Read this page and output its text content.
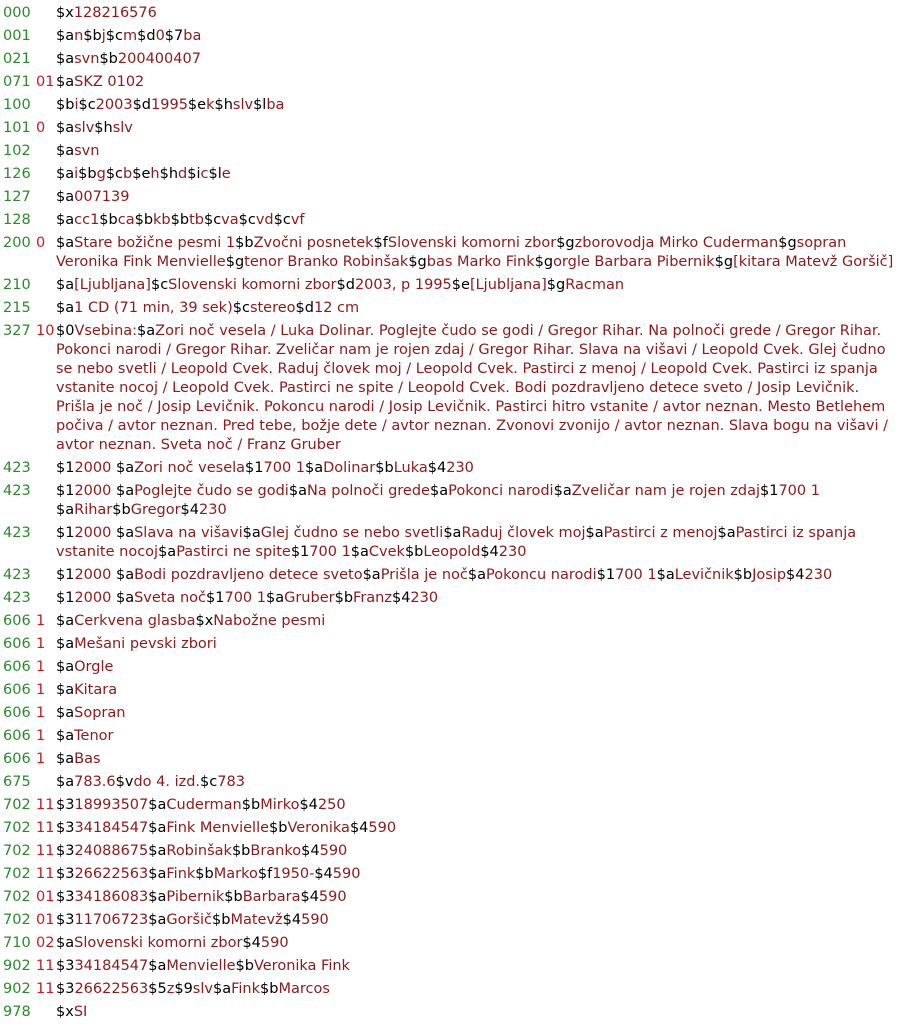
000	$x128216576
001	$an$bj$cm$d0$7ba
021	$asvn$b200400407
071 01 $aSKZ 0102
100	$bi$c2003$d1995$ek$hslv$lba
101 0 $aslv$hslv
102	$asvn
126	$ai$bg$cb$eh$hd$ic$le
127	$a007139
128	$acc1$bca$bkb$btb$cva$cvd$cvf
200 0 $aStare božične pesmi 1$bZvočni posnetek$fSlovenski komorni zbor$gzborovodja Mirko Cuderman$gsopran Veronika Fink Menvielle$gtenor Branko Robinšak$gbas Marko Fink$gorgle Barbara Pibernik$g[kitara Matevž Goršič]
210	$a[Ljubljana]$cSlovenski komorni zbor$d2003, p 1995$e[Ljubljana]$gRacman
215	$a1 CD (71 min, 39 sek)$cstereo$d12 cm
327 10 $0Vsebina:$aZori noč vesela / Luka Dolinar. Poglejte čudo se godi / Gregor Rihar. Na polnoči grede / Gregor Rihar. Pokonci narodi / Gregor Rihar. Zveličar nam je rojen zdaj / Gregor Rihar. Slava na višavi / Leopold Cvek. Glej čudno se nebo svetli / Leopold Cvek. Raduj človek moj / Leopold Cvek. Pastirci z menoj / Leopold Cvek. Pastirci iz spanja vstanite nocoj / Leopold Cvek. Pastirci ne spite / Leopold Cvek. Bodi pozdravljeno detece sveto / Josip Levičnik. Prišla je noč / Josip Levičnik. Pokoncu narodi / Josip Levičnik. Pastirci hitro vstanite / avtor neznan. Mesto Betlehem počiva / avtor neznan. Pred tebe, božje dete / avtor neznan. Zvonovi zvonijo / avtor neznan. Slava bogu na višavi / avtor neznan. Sveta noč / Franz Gruber
423	$12000 $aZori noč vesela$1700 1$aDolinar$bLuka$4230
423	$12000 $aPoglejte čudo se godi$aNa polnoči grede$aPokonci narodi$aZveličar nam je rojen zdaj$1700 1 $aRihar$bGregor$4230
423	$12000 $aSlava na višavi$aGlej čudno se nebo svetli$aRaduj človek moj$aPastirci z menoj$aPastirci iz spanja vstanite nocoj$aPastirci ne spite$1700 1$aCvek$bLeopold$4230
423	$12000 $aBodi pozdravljeno detece sveto$aPrišla je noč$aPokoncu narodi$1700 1$aLevičnik$bJosip$4230
423	$12000 $aSveta noč$1700 1$aGruber$bFranz$4230
606 1 $aCerkvena glasba$xNabožne pesmi
606 1 $aMešani pevski zbori
606 1 $aOrgle
606 1 $aKitara
606 1 $aSopran
606 1 $aTenor
606 1 $aBas
675	$a783.6$vdo 4. izd.$c783
702 11 $318993507$aCuderman$bMirko$4250
702 11 $334184547$aFink Menvielle$bVeronika$4590
702 11 $324088675$aRobinšak$bBranko$4590
702 11 $326622563$aFink$bMarko$f1950-$4590
702 01 $334186083$aPibernik$bBarbara$4590
702 01 $311706723$aGoršič$bMatevž$4590
710 02 $aSlovenski komorni zbor$4590
902 11 $334184547$aMenvielle$bVeronika Fink
902 11 $326622563$5z$9slv$aFink$bMarcos
978	$xSI
